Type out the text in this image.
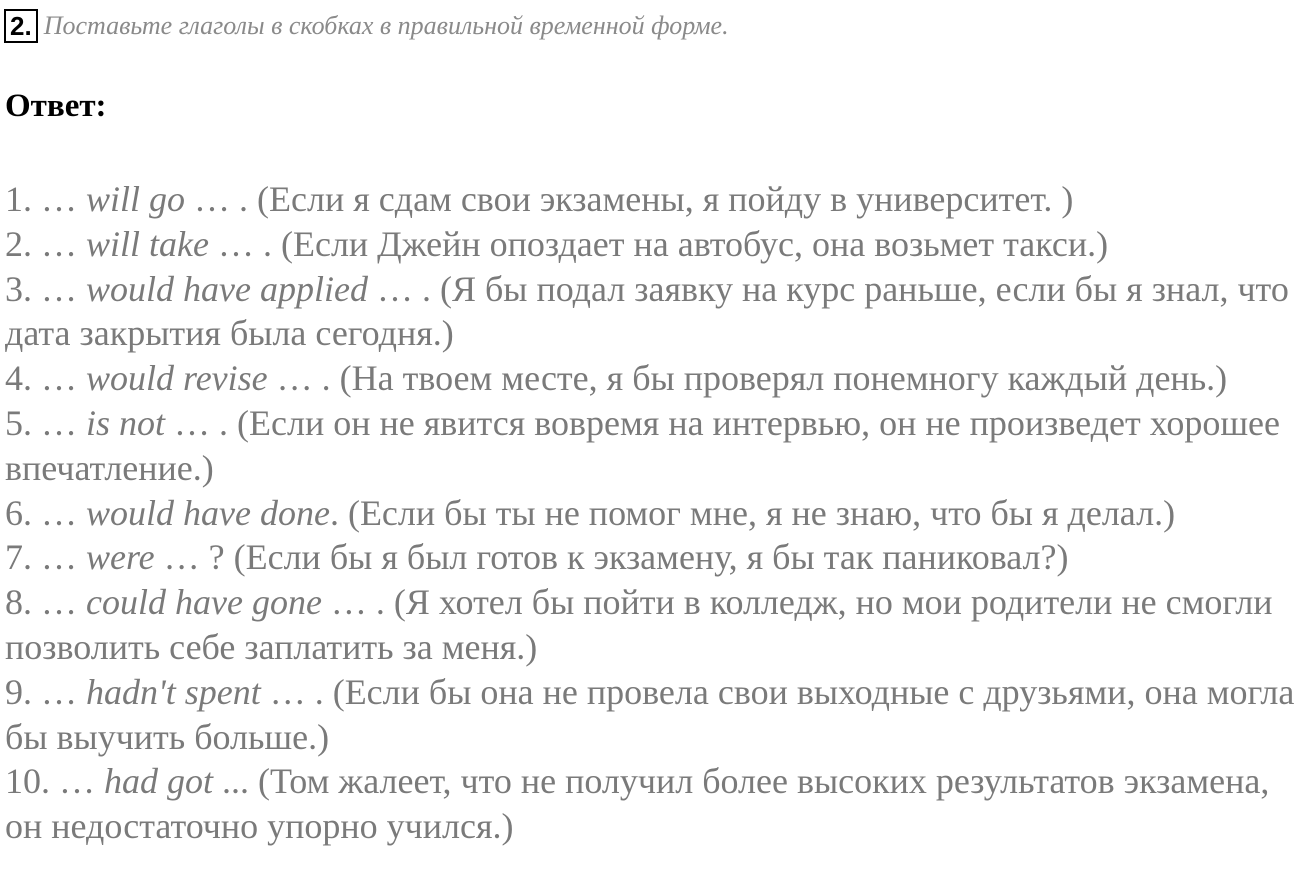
2. Поставьте глаголы в скобках в правильной временной форме.
Ответ:

1. … will go … . (Если я сдам свои экзамены, я пойду в университет. )

2. … will take … . (Если Джейн опоздает на автобус, она возьмет такси.)

3. … would have applied … . (Я бы подал заявку на курс раньше, если бы я знал, что дата закрытия была сегодня.)

4. … would revise … . (На твоем месте, я бы проверял понемногу каждый день.)

5. … is not … . (Если он не явится вовремя на интервью, он не произведет хорошее впечатление.)

6. … would have done. (Если бы ты не помог мне, я не знаю, что бы я делал.)

7. … were … ? (Если бы я был готов к экзамену, я бы так паниковал?)

8. … could have gone … . (Я хотел бы пойти в колледж, но мои родители не смогли позволить себе заплатить за меня.)

9. … hadn't spent … . (Если бы она не провела свои выходные с друзьями, она могла бы выучить больше.)

10. … had got ... (Том жалеет, что не получил более высоких результатов экзамена, он недостаточно упорно учился.)
